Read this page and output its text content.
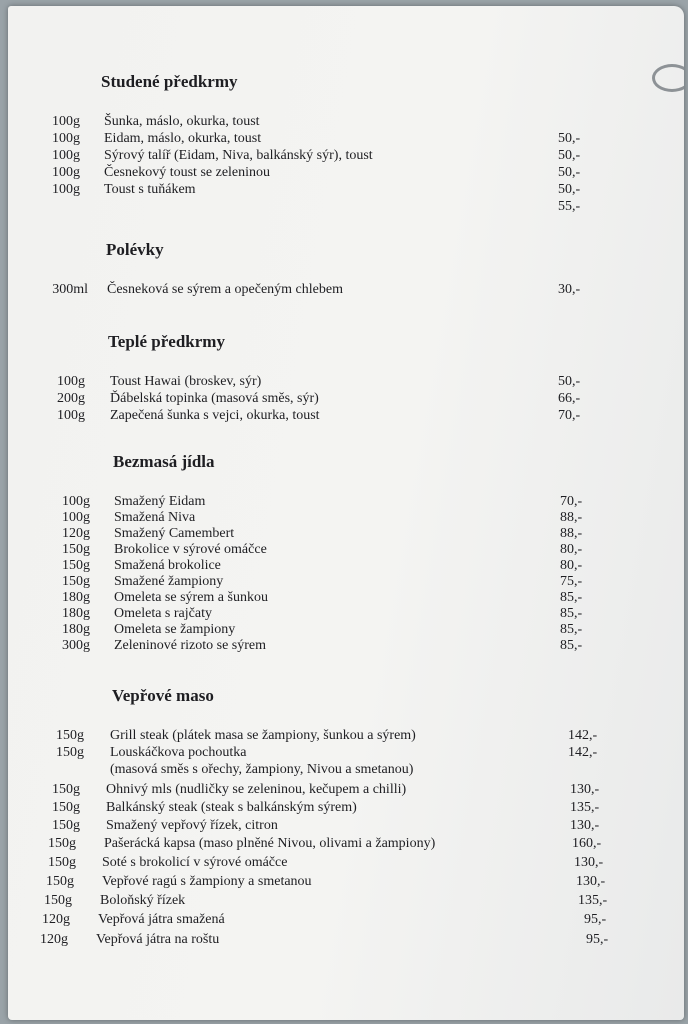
Studené předkrmy
100g Šunka, máslo, okurka, toust
100g Eidam, máslo, okurka, toust	50,-
100g Sýrový talíř (Eidam, Niva, balkánský sýr), toust	50,-
100g Česnekový toust se zeleninou	50,-
100g Toust s tuňákem	50,-
55,-
Polévky
300ml Česneková se sýrem a opečeným chlebem	30,-
Teplé předkrmy
100g Toust Hawai (broskev, sýr)	50,-
200g Ďábelská topinka (masová směs, sýr)	66,-
100g Zapečená šunka s vejci, okurka, toust	70,-
Bezmasá jídla
100g Smažený Eidam	70,-
100g Smažená Niva	88,-
120g Smažený Camembert	88,-
150g Brokolice v sýrové omáčce	80,-
150g Smažená brokolice	80,-
150g Smažené žampiony	75,-
180g Omeleta se sýrem a šunkou	85,-
180g Omeleta s rajčaty	85,-
180g Omeleta se žampiony	85,-
300g Zeleninové rizoto se sýrem	85,-
Vepřové maso
150g Grill steak (plátek masa se žampiony, šunkou a sýrem)	142,-
150g Louskáčkova pochoutka	142,-
(masová směs s ořechy, žampiony, Nivou a smetanou)
150g Ohnivý mls (nudličky se zeleninou, kečupem a chilli)	130,-
150g Balkánský steak (steak s balkánským sýrem)	135,-
150g Smažený vepřový řízek, citron	130,-
150g Pašerácká kapsa (maso plněné Nivou, olivami a žampiony)	160,-
150g Soté s brokolicí v sýrové omáčce	130,-
150g Vepřové ragú s žampiony a smetanou	130,-
150g Boloňský řízek	135,-
120g Vepřová játra smažená	95,-
120g Vepřová játra na roštu	95,-
